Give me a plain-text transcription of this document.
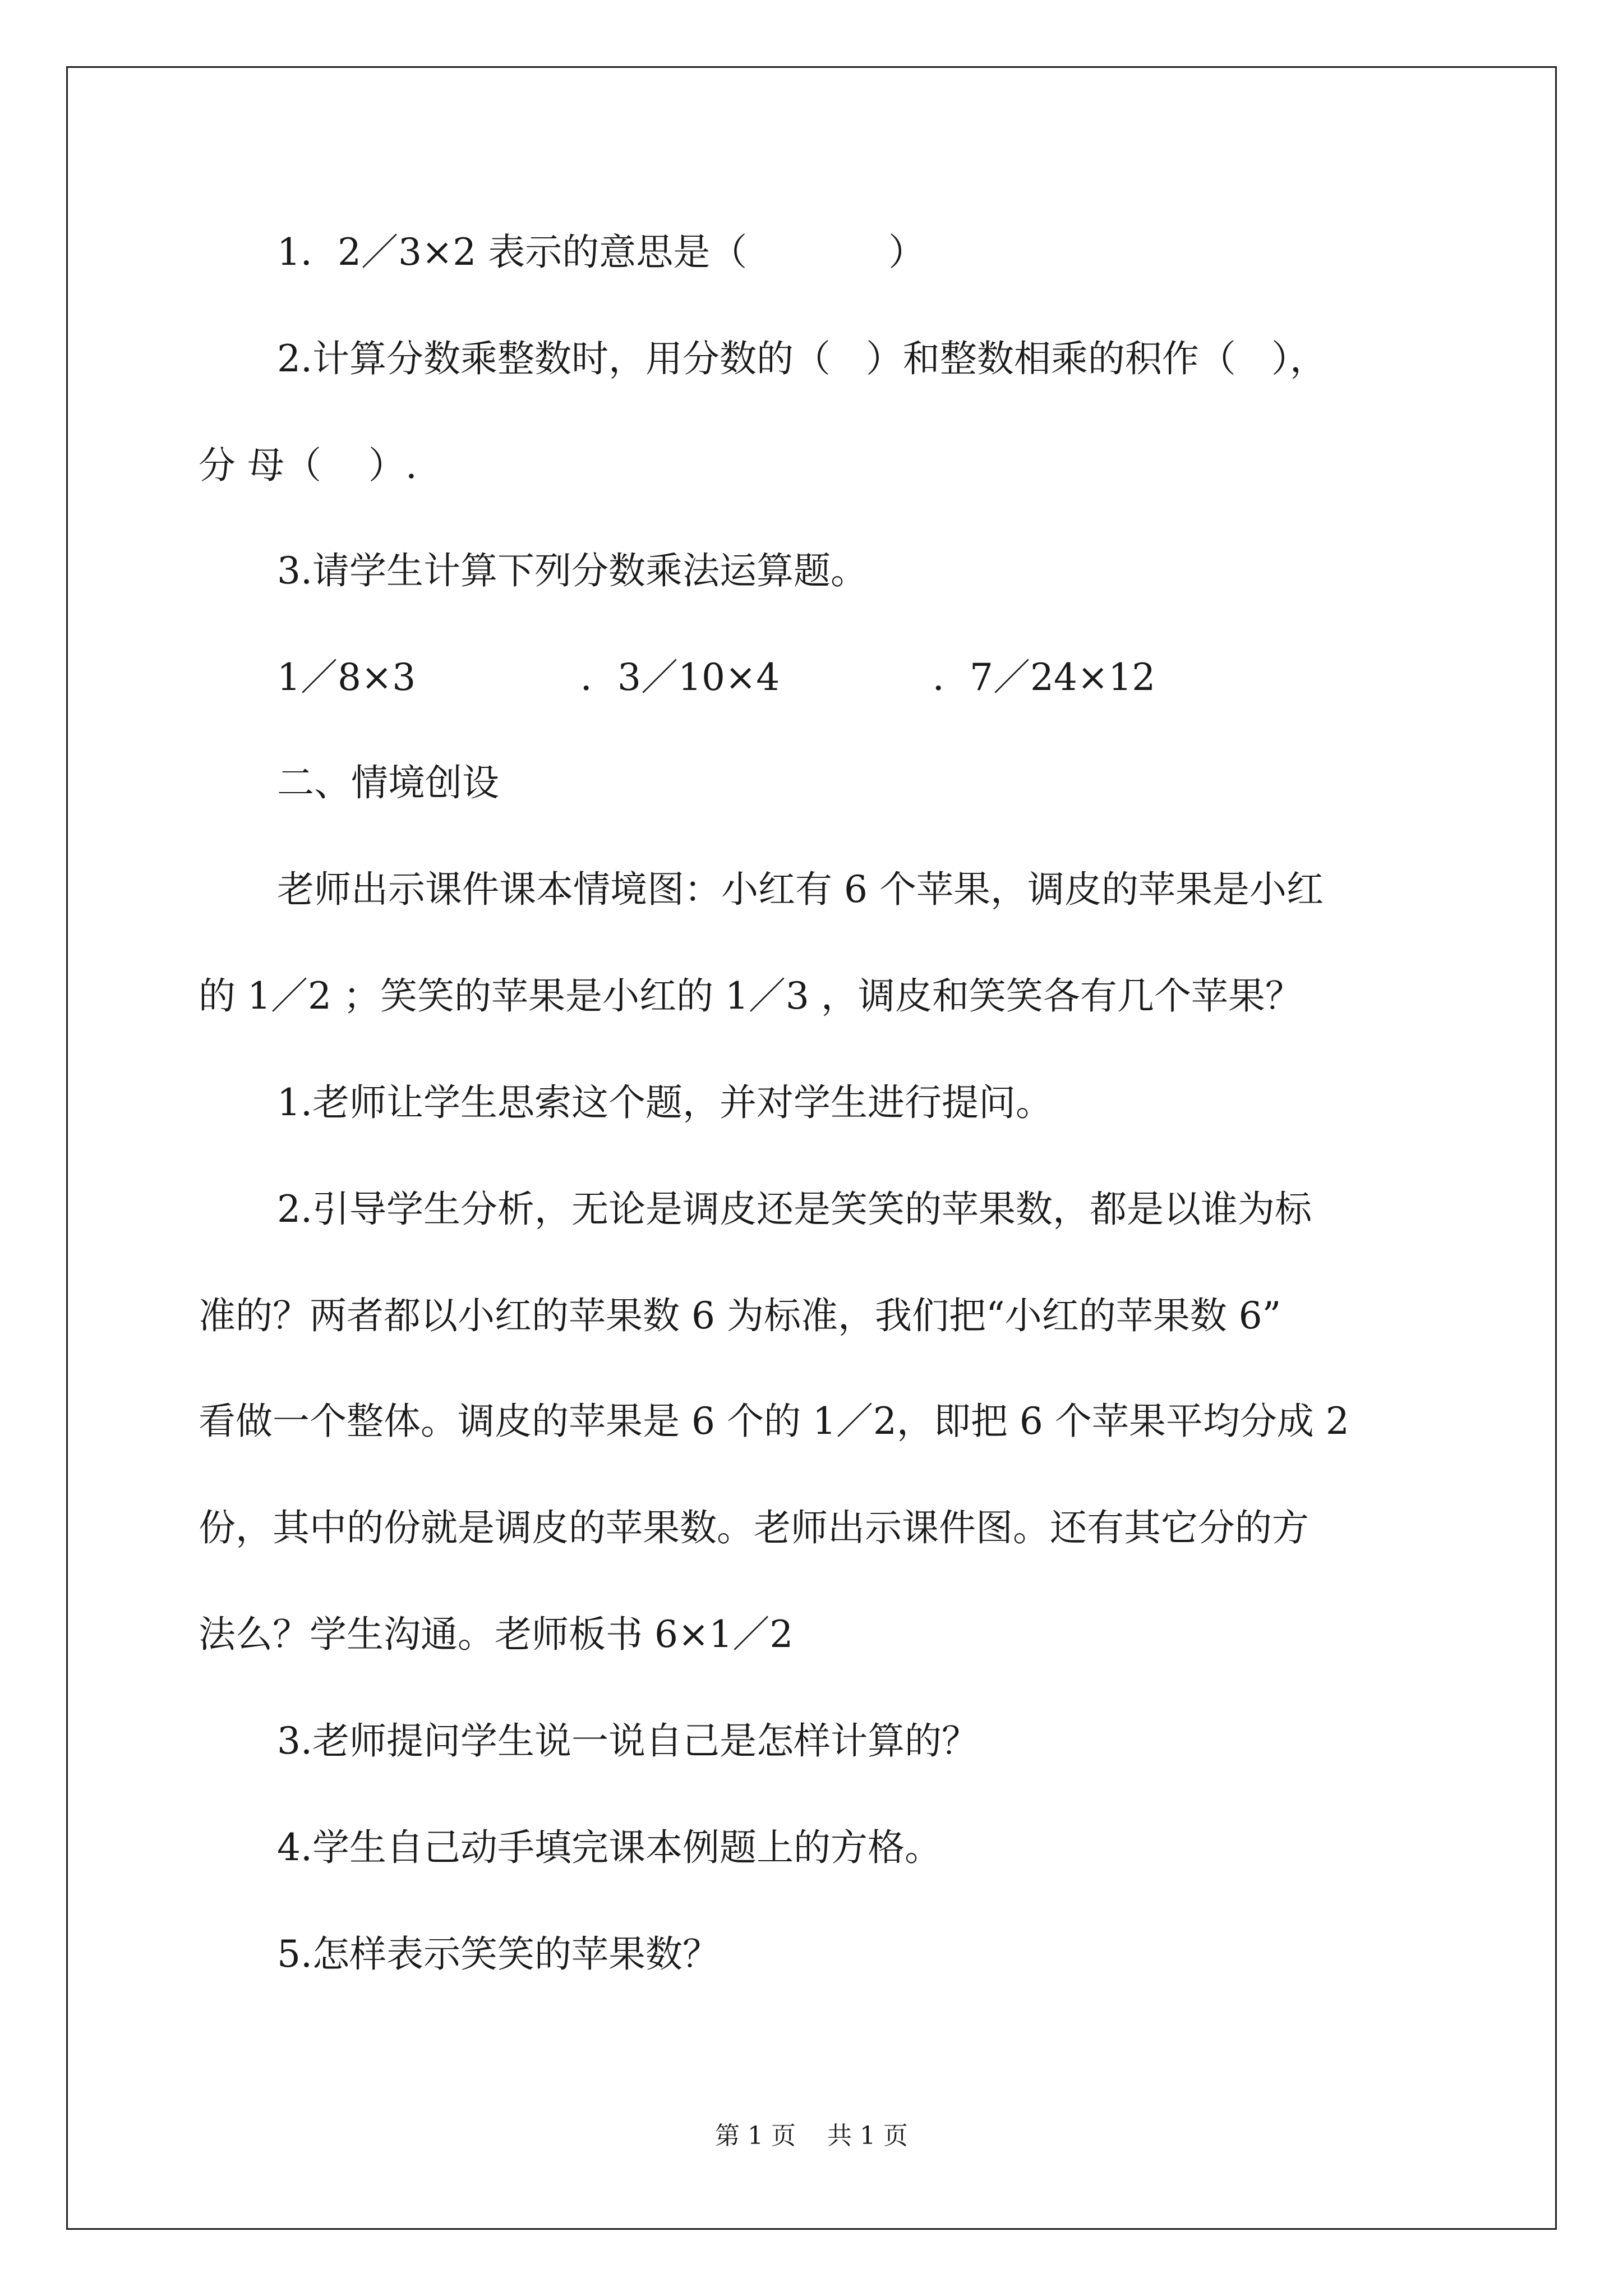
1．2／3×2 表示的意思是（            ）

2.计算分数乘整数时，用分数的（   ）和整数相乘的积作（   ），

分 母（    ）.

3.请学生计算下列分数乘法运算题。

1／8×3              ．3／10×4             ．7／24×12

二、情境创设

老师出示课件课本情境图：小红有 6 个苹果，调皮的苹果是小红

的 1／2 ；笑笑的苹果是小红的 1／3 ，调皮和笑笑各有几个苹果？

1.老师让学生思索这个题，并对学生进行提问。

2.引导学生分析，无论是调皮还是笑笑的苹果数，都是以谁为标

准的？两者都以小红的苹果数 6 为标准，我们把“小红的苹果数 6”

看做一个整体。调皮的苹果是 6 个的 1／2，即把 6 个苹果平均分成 2

份，其中的份就是调皮的苹果数。老师出示课件图。还有其它分的方

法么？学生沟通。老师板书 6×1／2

3.老师提问学生说一说自己是怎样计算的？

4.学生自己动手填完课本例题上的方格。

5.怎样表示笑笑的苹果数？

第 1 页    共 1 页
